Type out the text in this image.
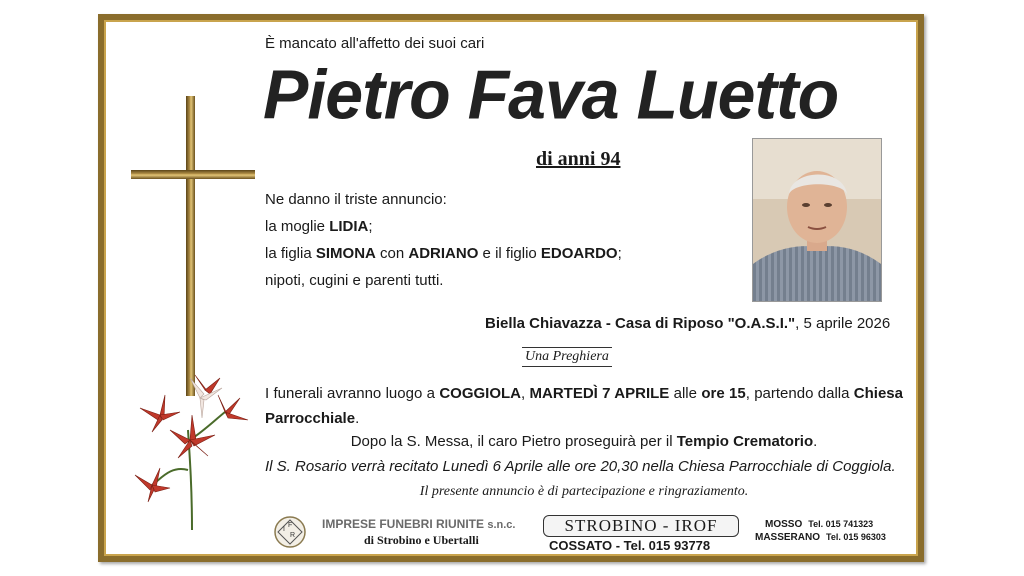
È mancato all'affetto dei suoi cari
Pietro Fava Luetto
di anni 94
Ne danno il triste annuncio:
la moglie LIDIA;
la figlia SIMONA con ADRIANO e il figlio EDOARDO;
nipoti, cugini e parenti tutti.
Biella Chiavazza - Casa di Riposo "O.A.S.I.", 5 aprile 2026
Una Preghiera
I funerali avranno luogo a COGGIOLA, MARTEDÌ 7 APRILE alle ore 15, partendo dalla Chiesa Parrocchiale.
Dopo la S. Messa, il caro Pietro proseguirà per il Tempio Crematorio.
Il S. Rosario verrà recitato Lunedì 6 Aprile alle ore 20,30 nella Chiesa Parrocchiale di Coggiola.
Il presente annuncio è di partecipazione e ringraziamento.
I
F
R
IMPRESE FUNEBRI RIUNITE s.n.c.
di Strobino e Ubertalli
STROBINO - IROF
COSSATO - Tel. 015 93778
MOSSO Tel. 015 741323
MASSERANO Tel. 015 96303
